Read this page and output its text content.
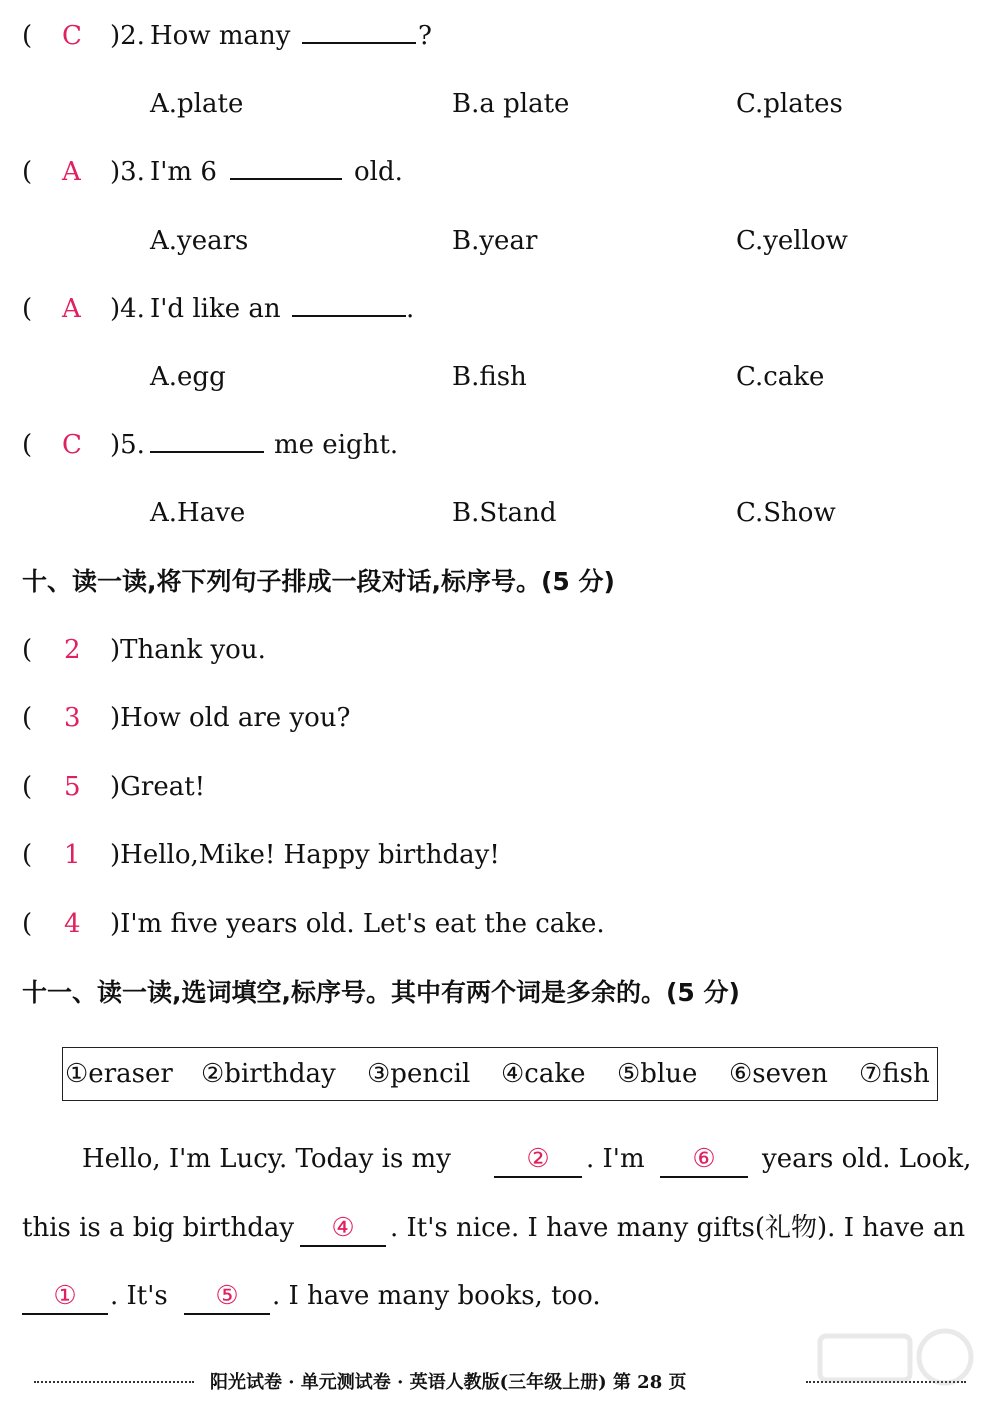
( C )2. How many	?
A.plate	B.a plate	C.plates
( A )3. I'm 6	old.
A.years	B.year	C.yellow
( A )4. I'd like an	.
A.egg	B.fish	C.cake
( C )5.	me eight.
A.Have	B.Stand	C.Show
十、读一读,将下列句子排成一段对话,标序号。(5 分)
( 2 )Thank you.
( 3 )How old are you?
( 5 )Great!
( 1 )Hello,Mike! Happy birthday!
( 4 )I'm five years old. Let's eat the cake.
十一、读一读,选词填空,标序号。其中有两个词是多余的。(5 分)
①eraser ②birthday ③pencil ④cake ⑤blue ⑥seven ⑦fish
Hello, I'm Lucy. Today is my	②	. I'm	⑥	years old. Look,
this is a big birthday	④	. It's nice. I have many gifts(礼物). I have an
①	. It's	⑤	. I have many books, too.
阳光试卷 · 单元测试卷 · 英语人教版(三年级上册) 第 28 页
